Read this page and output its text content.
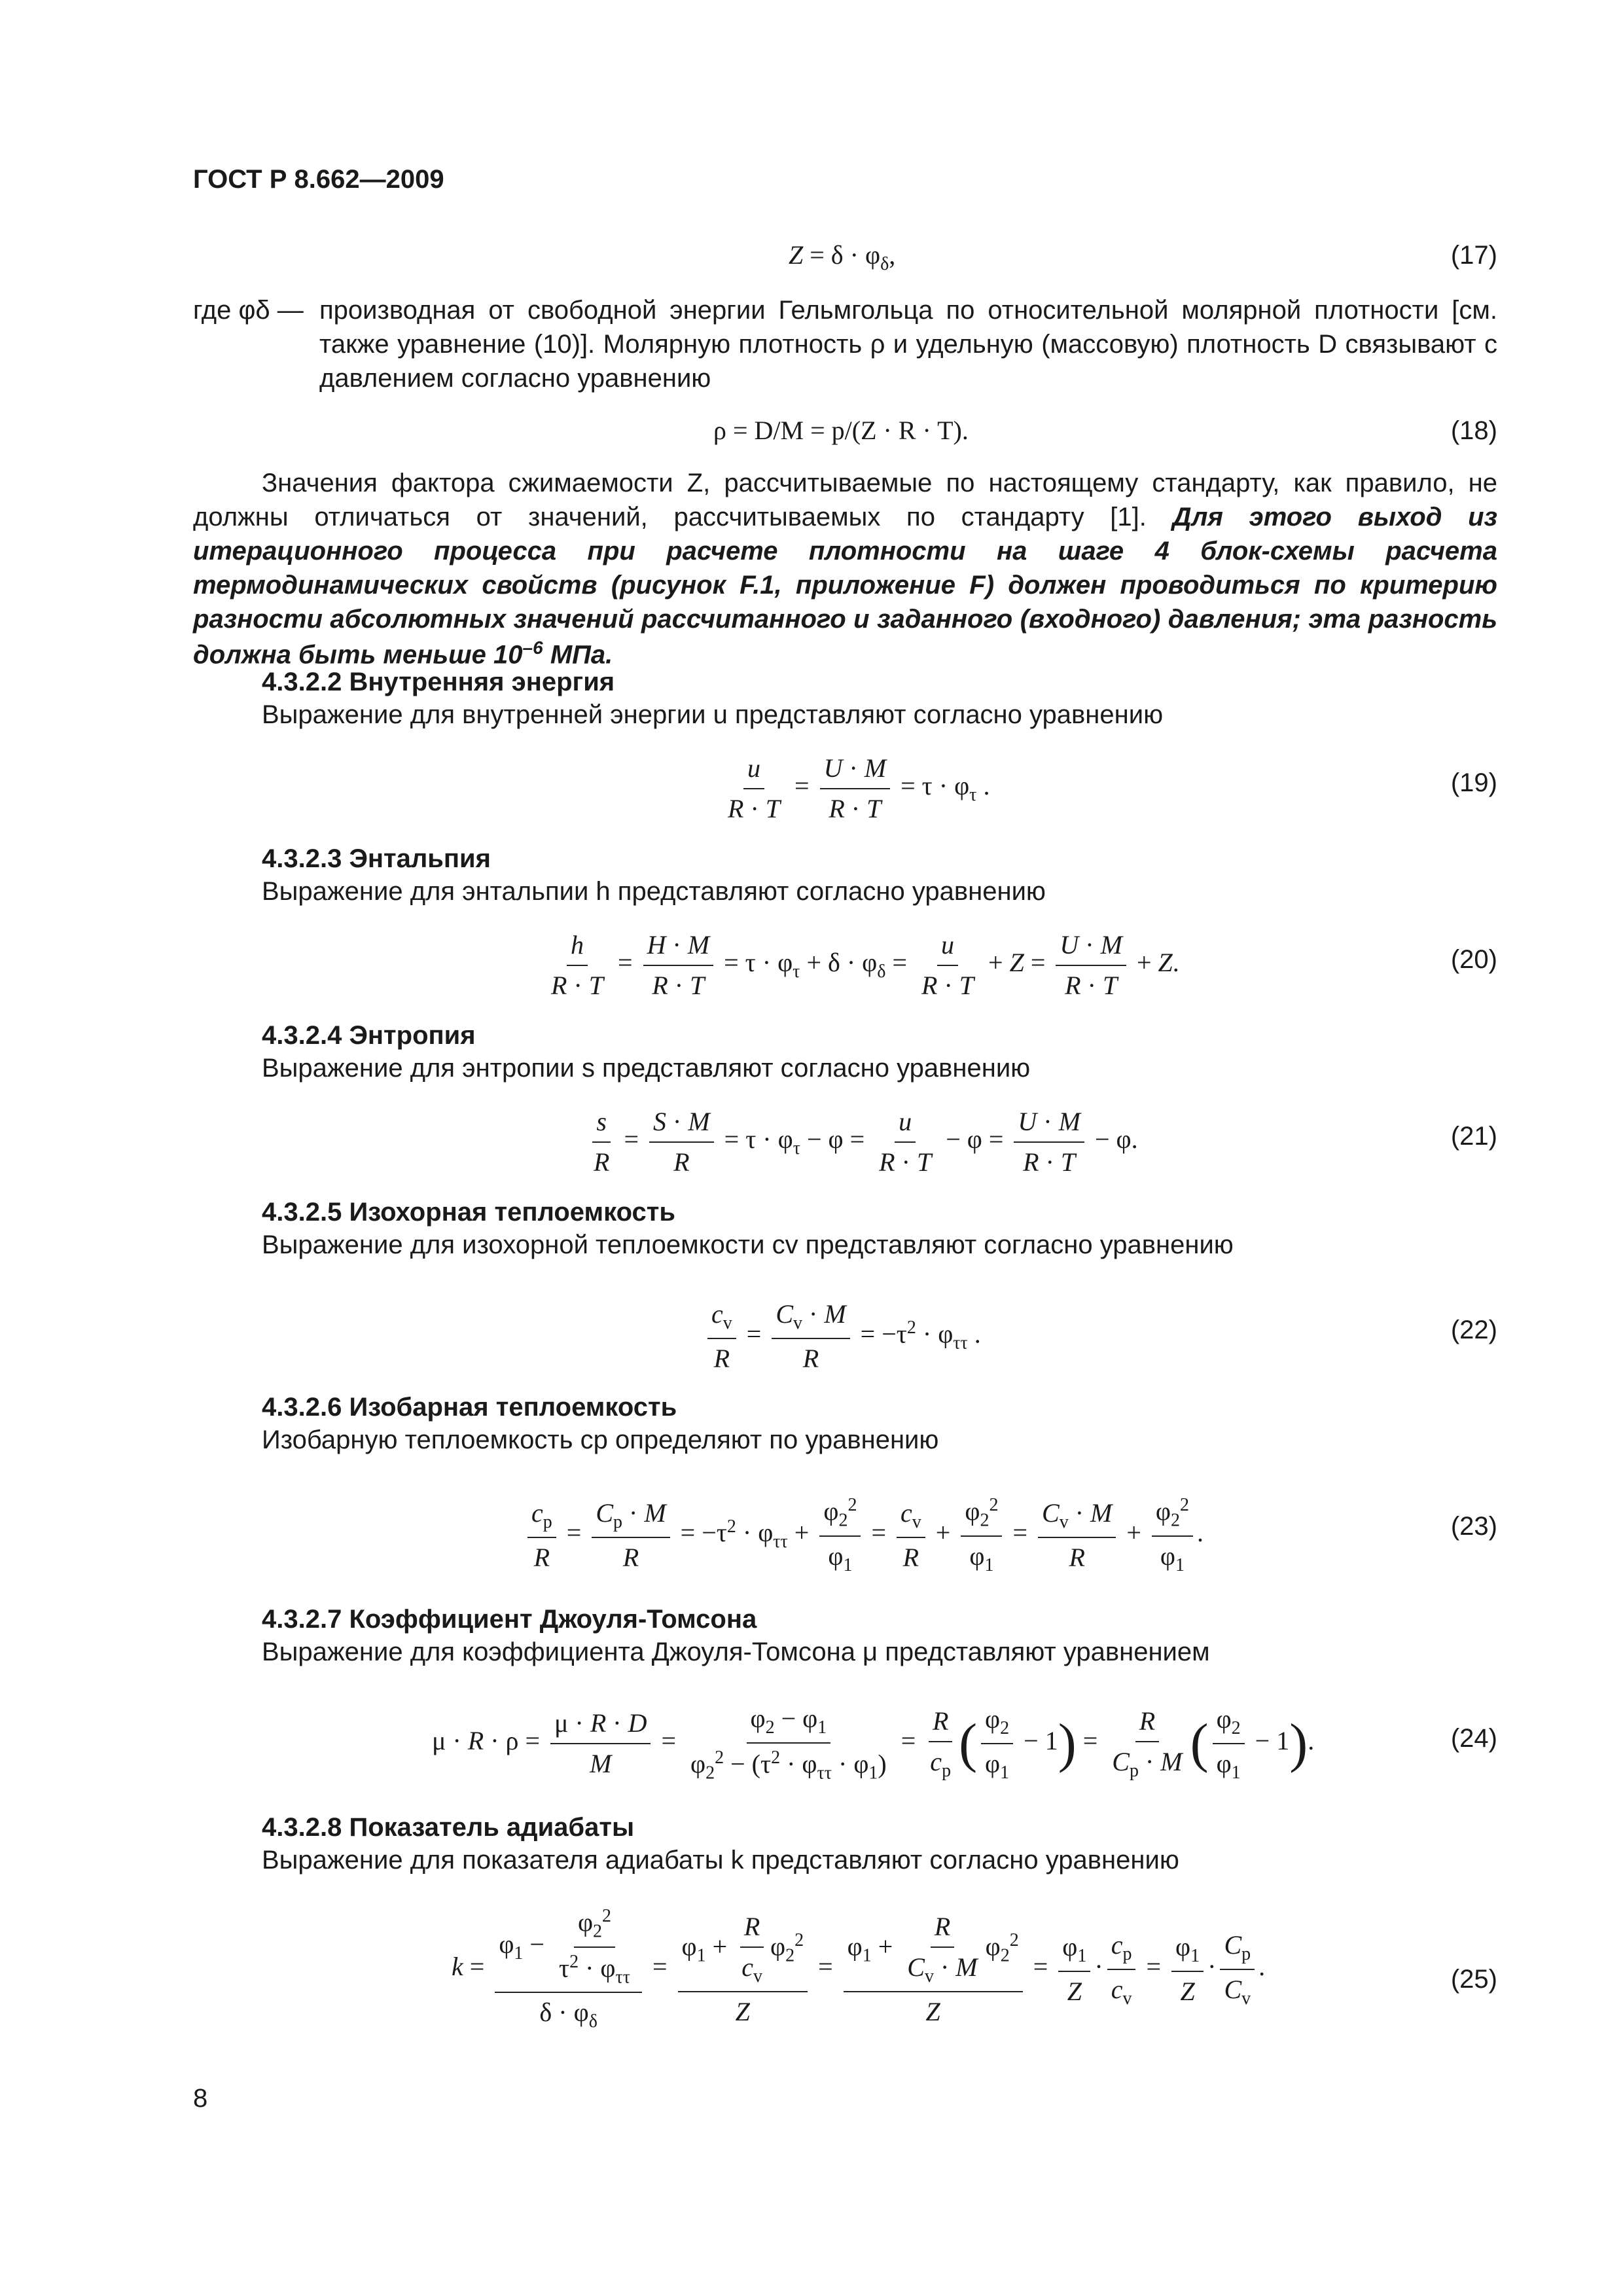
ГОСТ Р 8.662—2009
$Z = \delta \cdot \varphi_\delta$,	(17)
где φδ — производная от свободной энергии Гельмгольца по относительной молярной плотности [см. также уравнение (10)]. Молярную плотность ρ и удельную (массовую) плотность D связывают с давлением согласно уравнению
ρ = D/M = p/(Z · R · T).	(18)
Значения фактора сжимаемости Z, рассчитываемые по настоящему стандарту, как правило, не должны отличаться от значений, рассчитываемых по стандарту [1]. Для этого выход из итерационного процесса при расчете плотности на шаге 4 блок-схемы расчета термодинамических свойств (рисунок F.1, приложение F) должен проводиться по критерию разности абсолютных значений рассчитанного и заданного (входного) давления; эта разность должна быть меньше $10^{-6}$ МПа.
4.3.2.2 Внутренняя энергия
Выражение для внутренней энергии u представляют согласно уравнению
$\frac{u}{R \cdot T} = \frac{U \cdot M}{R \cdot T} = \tau \cdot \varphi_\tau$ .	(19)
4.3.2.3 Энтальпия
Выражение для энтальпии h представляют согласно уравнению
$\frac{h}{R \cdot T} = \frac{H \cdot M}{R \cdot T} = \tau \cdot \varphi_\tau + \delta \cdot \varphi_\delta = \frac{u}{R \cdot T} + Z = \frac{U \cdot M}{R \cdot T} + Z$.	(20)
4.3.2.4 Энтропия
Выражение для энтропии s представляют согласно уравнению
$\frac{s}{R} = \frac{S \cdot M}{R} = \tau \cdot \varphi_\tau - \varphi = \frac{u}{R \cdot T} - \varphi = \frac{U \cdot M}{R \cdot T} - \varphi$.	(21)
4.3.2.5 Изохорная теплоемкость
Выражение для изохорной теплоемкости cv представляют согласно уравнению
$\frac{c_v}{R} = \frac{C_v \cdot M}{R} = -\tau^2 \cdot \varphi_{\tau\tau}$ .	(22)
4.3.2.6 Изобарная теплоемкость
Изобарную теплоемкость cp определяют по уравнению
$\frac{c_p}{R} = \frac{C_p \cdot M}{R} = -\tau^2 \cdot \varphi_{\tau\tau} + \frac{\varphi_2^2}{\varphi_1} = \frac{c_v}{R} + \frac{\varphi_2^2}{\varphi_1} = \frac{C_v \cdot M}{R} + \frac{\varphi_2^2}{\varphi_1}$ .	(23)
4.3.2.7 Коэффициент Джоуля-Томсона
Выражение для коэффициента Джоуля-Томсона μ представляют уравнением
$\mu \cdot R \cdot \rho = \frac{\mu \cdot R \cdot D}{M} = \frac{\varphi_2 - \varphi_1}{\varphi_2^2 - (\tau^2 \cdot \varphi_{\tau\tau} \cdot \varphi_1)} = \frac{R}{c_p}$ ( $\frac{\varphi_2}{\varphi_1} - 1) = \frac{R}{C_p \cdot M}$ ( $\frac{\varphi_2}{\varphi_1} - 1$).	(24)
4.3.2.8 Показатель адиабаты
Выражение для показателя адиабаты k представляют согласно уравнению
$k = \frac{\varphi_1 - \frac{\varphi_2^2}{\tau^2 \cdot \varphi_{\tau\tau}}}{\delta \cdot \varphi_\delta} = \frac{\varphi_1 + \frac{R}{c_v} \varphi_2^2}{Z} = \frac{\varphi_1 + \frac{R}{C_v \cdot M} \varphi_2^2}{Z} = \frac{\varphi_1}{Z} \cdot \frac{c_p}{c_v} = \frac{\varphi_1}{Z} \cdot \frac{C_p}{C_v}$ .	(25)
8
